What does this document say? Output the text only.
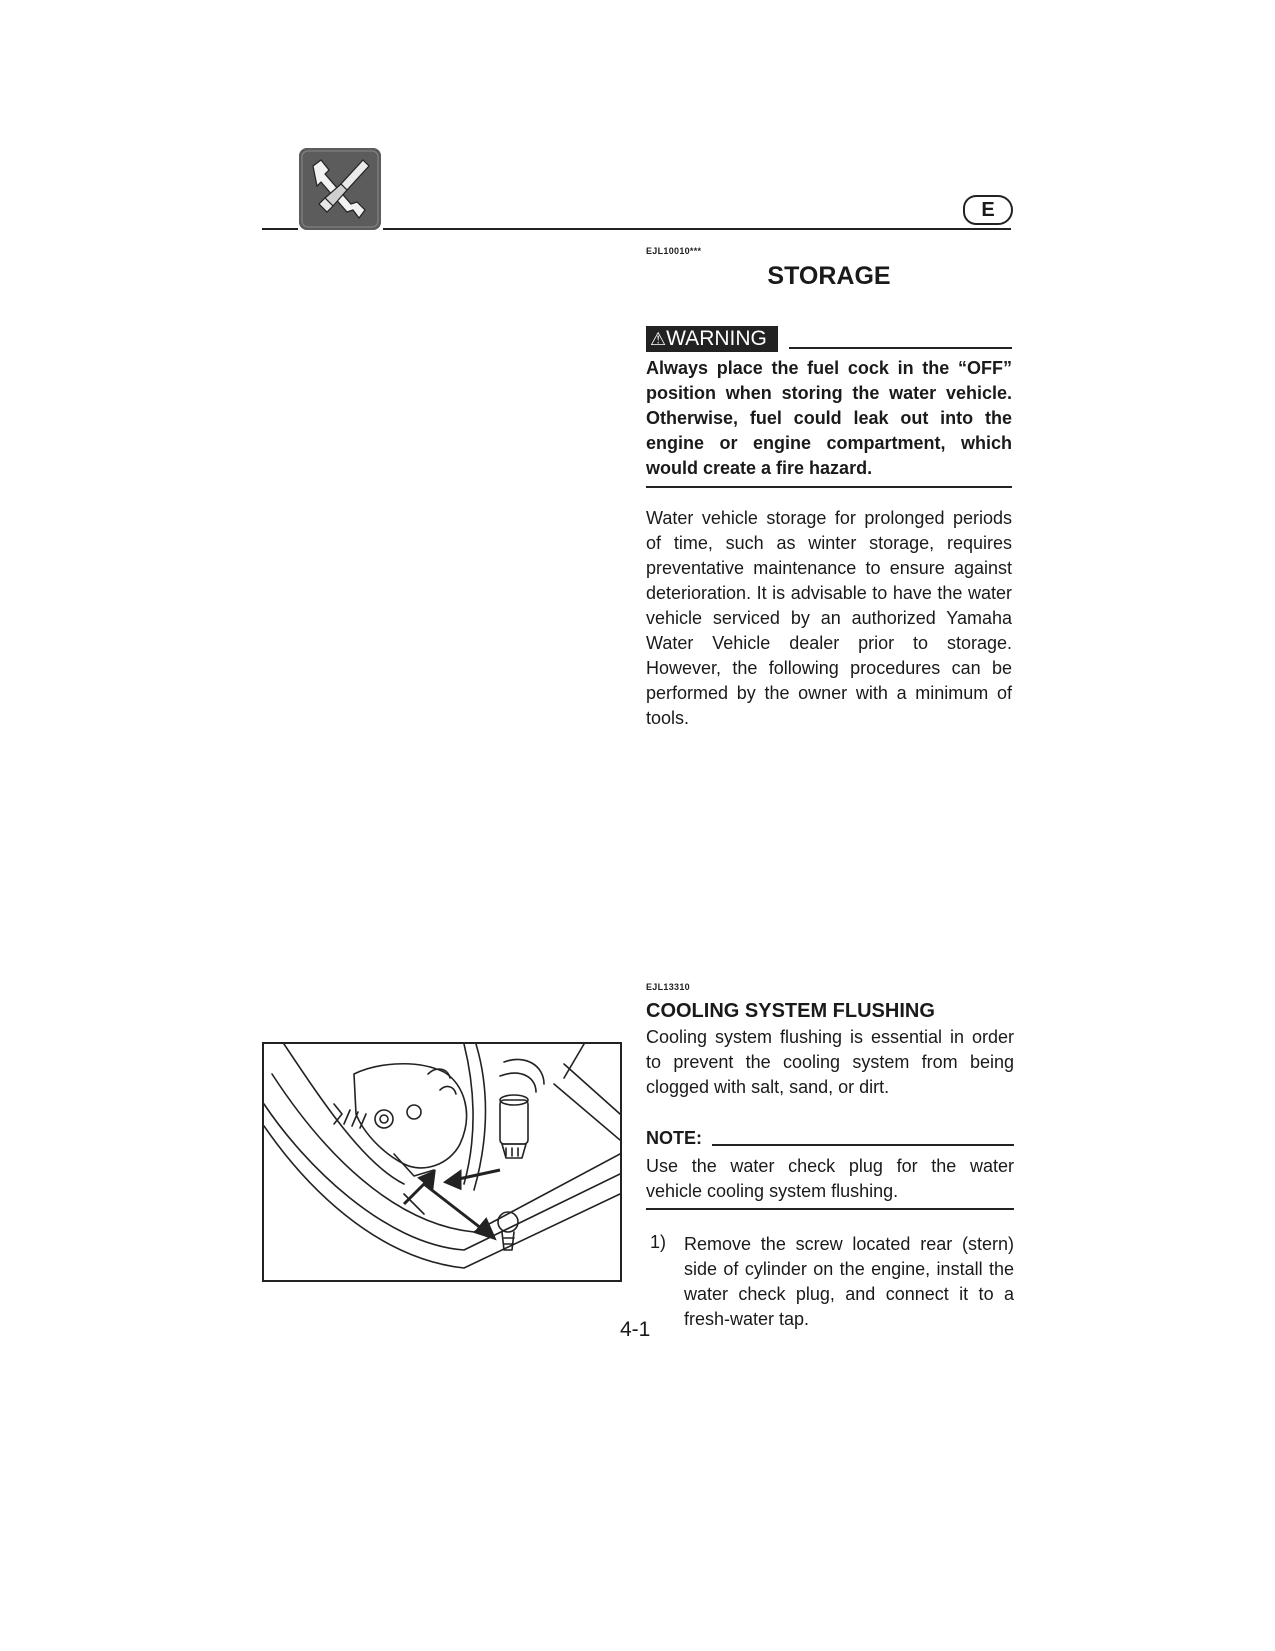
E
EJL10010***
STORAGE
⚠WARNING
Always place the fuel cock in the “OFF” position when storing the water vehicle. Otherwise, fuel could leak out into the engine or engine compartment, which would create a fire hazard.
Water vehicle storage for prolonged periods of time, such as winter storage, requires preventative maintenance to ensure against deterioration. It is advisable to have the water vehicle serviced by an authorized Yamaha Water Vehicle dealer prior to storage. However, the following procedures can be performed by the owner with a minimum of tools.
EJL13310
COOLING SYSTEM FLUSHING
Cooling system flushing is essential in order to prevent the cooling system from being clogged with salt, sand, or dirt.
NOTE:
Use the water check plug for the water vehicle cooling system flushing.
1) Remove the screw located rear (stern) side of cylinder on the engine, install the water check plug, and connect it to a fresh-water tap.
4-1
